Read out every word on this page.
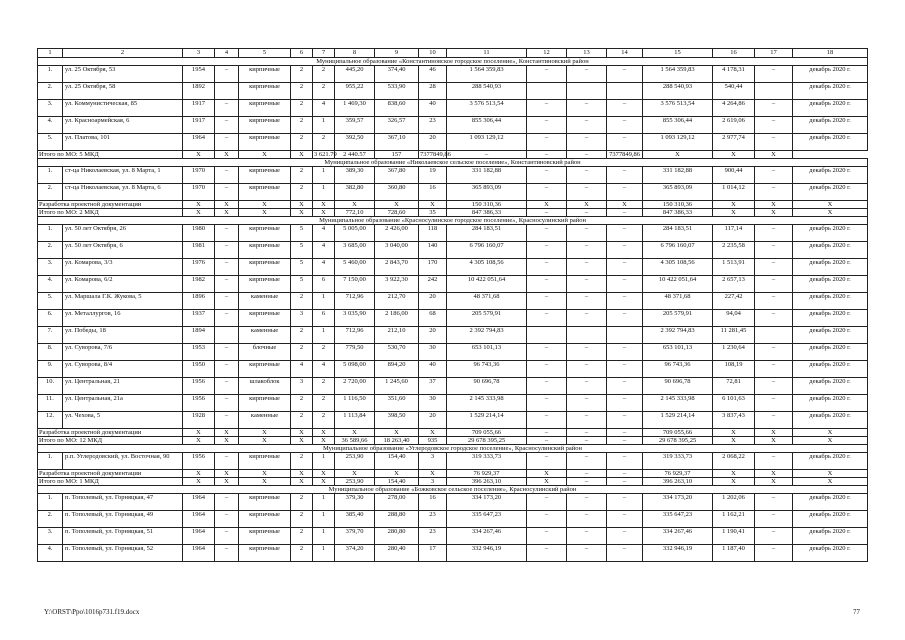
1	2	3	4	5	6	7	8	9	10	11	12	13	14	15	16	17	18
Муниципальное образование «Константиновское городское поселение», Константиновский район																	
1.	ул. 25 Октября, 53	1954	–	кирпичные	2	2	445,20	374,40	46	1 564 359,83	–	–	–	1 564 359,83	4 178,31	–	декабрь 2020 г.
2.	ул. 25 Октября, 58	1892		кирпичные	2	2	955,22	533,90	28	288 540,93				288 540,93	540,44		декабрь 2020 г.
3.	ул. Коммунистическая, 85	1917	–	кирпичные	2	4	1 469,30	838,60	40	3 576 513,54	–	–	–	3 576 513,54	4 264,86	–	декабрь 2020 г.
4.	ул. Красноармейская, 6	1917	–	кирпичные	2	1	359,57	326,57	23	855 306,44	–	–	–	855 306,44	2 619,06	–	декабрь 2020 г.
5.	ул. Платова, 101	1964	–	кирпичные	2	2	392,50	367,10	20	1 093 129,12	–	–	–	1 093 129,12	2 977,74	–	декабрь 2020 г.
Итого по МО: 5 МКД		X	X	X	X	3 621.79	2 440.57	157	7377849,86	–	–	–	7377849,86	X	X	X	
Муниципальное образование «Николаевское сельское поселение», Константиновский район																	
1.	ст-ца Николаевская, ул. 8 Марта, 1	1970	–	кирпичные	2	1	389,30	367,80	19	331 182,88	–	–	–	331 182,88	900,44	–	декабрь 2020 г.
2.	ст-ца Николаевская, ул. 8 Марта, 6	1970	–	кирпичные	2	1	382,80	360,80	16	365 893,09	–	–	–	365 893,09	1 014,12	–	декабрь 2020 г.
Разработка проектной документации		X	X	X	X	X	X	X	X	150 310,36	X	X	X	150 310,36	X	X	X
Итого по МО: 2 МКД		X	X	X	X	X	772,10	728,60	35	847 386,33	–	–	–	847 386,33	X	X	X
Муниципальное образование «Красносулинское городское поселение», Красносулинский район																	
1.	ул. 50 лет Октября, 26	1980	–	кирпичные	5	4	5 005,00	2 426,00	118	284 183,51	–	–	–	284 183,51	117,14	–	декабрь 2020 г.
2.	ул. 50 лет Октября, 6	1981	–	кирпичные	5	4	3 685,00	3 040,00	140	6 796 160,07	–	–	–	6 796 160,07	2 235,58	–	декабрь 2020 г.
3.	ул. Комарова, 3/3	1976	–	кирпичные	5	4	5 460,00	2 843,70	170	4 305 108,56	–	–	–	4 305 108,56	1 513,91	–	декабрь 2020 г.
4.	ул. Комарова, 6/2	1982	–	кирпичные	5	6	7 150,00	3 922,30	242	10 422 051,64	–	–	–	10 422 051,64	2 657,13	–	декабрь 2020 г.
5.	ул. Маршала Г.К. Жукова, 5	1896	–	каменные	2	1	712,96	212,70	20	48 371,68	–	–	–	48 371,68	227,42	–	декабрь 2020 г.
6.	ул. Металлургов, 16	1937	–	кирпичные	3	6	3 035,90	2 186,00	68	205 579,91	–	–	–	205 579,91	94,04	–	декабрь 2020 г.
7.	ул. Победы, 18	1894		каменные	2	1	712,96	212,10	20	2 392 794,83				2 392 794,83	11 281,45		декабрь 2020 г.
8.	ул. Суворова, 7/6	1953	–	блочные	2	2	779,50	530,70	30	653 101,13	–	–	–	653 101,13	1 230,64	–	декабрь 2020 г.
9.	ул. Суворова, 8/4	1950	–	кирпичные	4	4	5 098,00	894,20	40	96 743,36	–	–	–	96 743,36	108,19	–	декабрь 2020 г.
10.	ул. Центральная, 21	1956	–	шлакоблок	3	2	2 720,00	1 245,60	37	90 696,78	–	–	–	90 696,78	72,81	–	декабрь 2020 г.
11.	ул. Центральная, 21а	1956	–	кирпичные	2	2	1 116,50	351,60	30	2 145 333,98	–	–	–	2 145 333,98	6 101,63	–	декабрь 2020 г.
12.	ул. Чехова, 5	1928	–	каменные	2	2	1 113,84	398,50	20	1 529 214,14	–	–	–	1 529 214,14	3 837,43	–	декабрь 2020 г.
Разработка проектной документации		X	X	X	X	X	X	X	X	709 055,66	–	–	–	709 055,66	X	X	X
Итого по МО: 12 МКД		X	X	X	X	X	36 589,66	18 263,40	935	29 678 395,25	–	–	–	29 678 395,25	X	X	X
Муниципальное образование «Углеродовское городское поселение», Красносулинский район																	
1.	р.п. Углеродовский, ул. Восточная, 90	1956	–	кирпичные	2	1	253,90	154,40	3	319 333,73	–	–	–	319 333,73	2 068,22	–	декабрь 2020 г.
Разработка проектной документации		X	X	X	X	X	X	X	X	76 929,37	X	–	–	76 929,37	X	X	X
Итого по МО: 1 МКД		X	X	X	X	X	253,90	154,40	3	396 263,10	X	–	–	396 263,10	X	X	X
Муниципальное образование «Божковское сельское поселение», Красносулинский район																	
1.	п. Тополевый, ул. Горняцкая, 47	1964	–	кирпичные	2	1	379,30	278,00	16	334 173,20	–	–	–	334 173,20	1 202,06	–	декабрь 2020 г.
2.	п. Тополевый, ул. Горняцкая, 49	1964	–	кирпичные	2	1	385,40	288,80	23	335 647,23	–	–	–	335 647,23	1 162,21	–	декабрь 2020 г.
3.	п. Тополевый, ул. Горняцкая, 51	1964	–	кирпичные	2	1	379,70	280,80	23	334 267,46	–	–	–	334 267,46	1 190,41	–	декабрь 2020 г.
4.	п. Тополевый, ул. Горняцкая, 52	1964	–	кирпичные	2	1	374,20	280,40	17	332 946,19	–	–	–	332 946,19	1 187,40	–	декабрь 2020 г.
Y:\ORST\Ppo\1016p731.f19.docx	77
